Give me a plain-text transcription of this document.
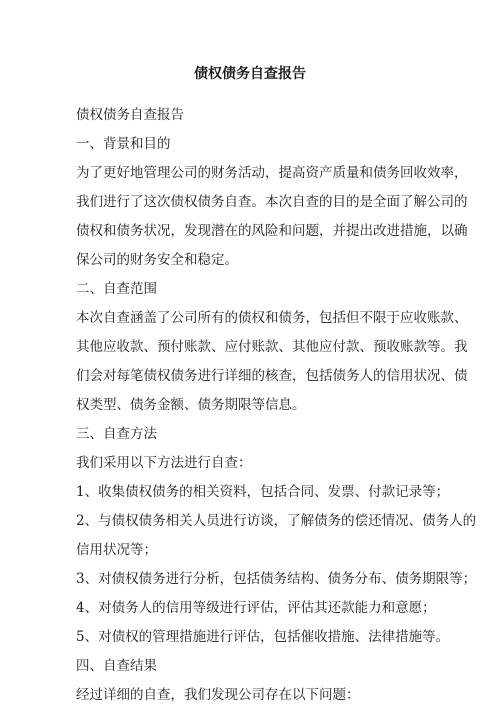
债权债务自查报告

债权债务自查报告

一、背景和目的

为了更好地管理公司的财务活动，提高资产质量和债务回收效率，

我们进行了这次债权债务自查。本次自查的目的是全面了解公司的

债权和债务状况，发现潜在的风险和问题，并提出改进措施，以确

保公司的财务安全和稳定。

二、自查范围

本次自查涵盖了公司所有的债权和债务，包括但不限于应收账款、

其他应收款、预付账款、应付账款、其他应付款、预收账款等。我

们会对每笔债权债务进行详细的核查，包括债务人的信用状况、债

权类型、债务金额、债务期限等信息。

三、自查方法

我们采用以下方法进行自查：

1、收集债权债务的相关资料，包括合同、发票、付款记录等；

2、与债权债务相关人员进行访谈，了解债务的偿还情况、债务人的

信用状况等；

3、对债权债务进行分析，包括债务结构、债务分布、债务期限等；

4、对债务人的信用等级进行评估，评估其还款能力和意愿；

5、对债权的管理措施进行评估，包括催收措施、法律措施等。

四、自查结果

经过详细的自查，我们发现公司存在以下问题：
